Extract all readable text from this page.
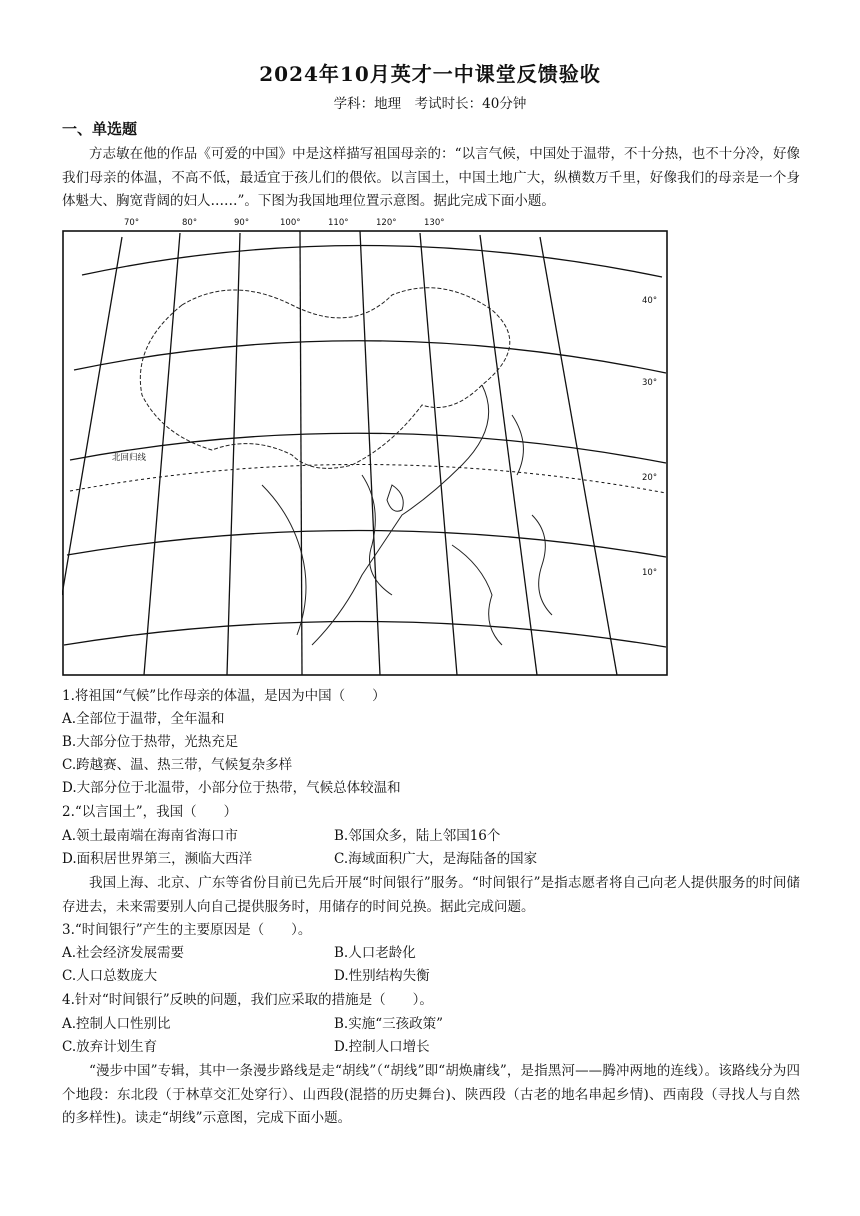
2024年10月英才一中课堂反馈验收
学科：地理　考试时长：40分钟
一、单选题
方志敏在他的作品《可爱的中国》中是这样描写祖国母亲的：“以言气候，中国处于温带，不十分热，也不十分冷，好像我们母亲的体温，不高不低，最适宜于孩儿们的偎依。以言国土，中国土地广大，纵横数万千里，好像我们的母亲是一个身体魁大、胸宽背阔的妇人……”。下图为我国地理位置示意图。据此完成下面小题。
70°	80°	90°	100°	110°	120°	130°
40°
30°
20°
10°
北回归线
1.将祖国“气候”比作母亲的体温，是因为中国（　　）
A.全部位于温带，全年温和
B.大部分位于热带，光热充足
C.跨越赛、温、热三带，气候复杂多样
D.大部分位于北温带，小部分位于热带，气候总体较温和
2.“以言国土”，我国（　　）
A.领土最南端在海南省海口市	B.邻国众多，陆上邻国16个
D.面积居世界第三，濒临大西洋	C.海域面积广大，是海陆备的国家
我国上海、北京、广东等省份目前已先后开展“时间银行”服务。“时间银行”是指志愿者将自己向老人提供服务的时间储存进去，未来需要别人向自己提供服务时，用储存的时间兑换。据此完成问题。
3.“时间银行”产生的主要原因是（　　）。
A.社会经济发展需要	B.人口老龄化
C.人口总数庞大	D.性别结构失衡
4.针对“时间银行”反映的问题，我们应采取的措施是（　　）。
A.控制人口性别比	B.实施“三孩政策”
C.放弃计划生育	D.控制人口增长
“漫步中国”专辑，其中一条漫步路线是走“胡线”（“胡线”即“胡焕庸线”，是指黑河——腾冲两地的连线）。该路线分为四个地段：东北段（于林草交汇处穿行）、山西段(混搭的历史舞台)、陕西段（古老的地名串起乡情)、西南段（寻找人与自然的多样性)。读走“胡线”示意图，完成下面小题。
